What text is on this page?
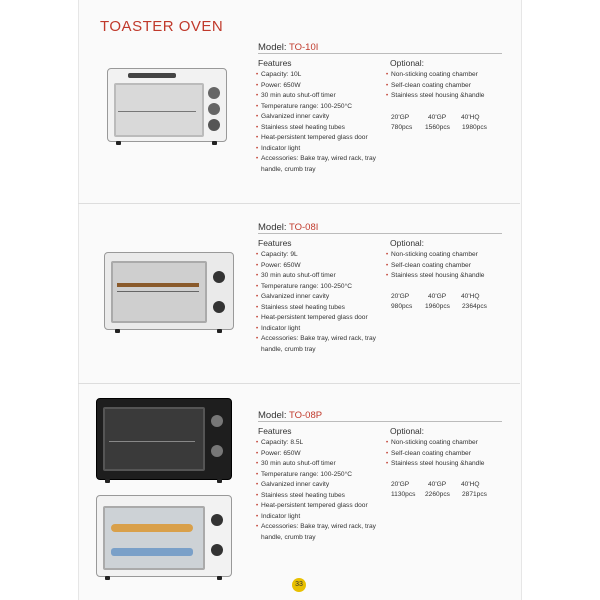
TOASTER OVEN
Model: TO-10I
Features	Optional:
• Capacity: 10L
• Power: 650W
• 30 min auto shut-off timer
• Temperature range: 100-250°C
• Galvanized inner cavity
• Stainless steel heating tubes
• Heat-persistent tempered glass door
• Indicator light
• Accessories: Bake tray, wired rack, tray handle, crumb tray
• Non-sticking coating chamber
• Self-clean coating chamber
• Stainless steel housing &handle
20'GP	40'GP 40'HQ
780pcs 1560pcs 1980pcs
Model: TO-08I
Features	Optional:
• Capacity: 9L
• Power: 650W
• 30 min auto shut-off timer
• Temperature range: 100-250°C
• Galvanized inner cavity
• Stainless steel heating tubes
• Heat-persistent tempered glass door
• Indicator light
• Accessories: Bake tray, wired rack, tray handle, crumb tray
• Non-sticking coating chamber
• Self-clean coating chamber
• Stainless steel housing &handle
20'GP	40'GP 40'HQ
980pcs 1960pcs 2364pcs
Model: TO-08P
Features	Optional:
• Capacity: 8.5L
• Power: 650W
• 30 min auto shut-off timer
• Temperature range: 100-250°C
• Galvanized inner cavity
• Stainless steel heating tubes
• Heat-persistent tempered glass door
• Indicator light
• Accessories: Bake tray, wired rack, tray handle, crumb tray
• Non-sticking coating chamber
• Self-clean coating chamber
• Stainless steel housing &handle
20'GP	40'GP 40'HQ
1130pcs 2260pcs 2871pcs
33
